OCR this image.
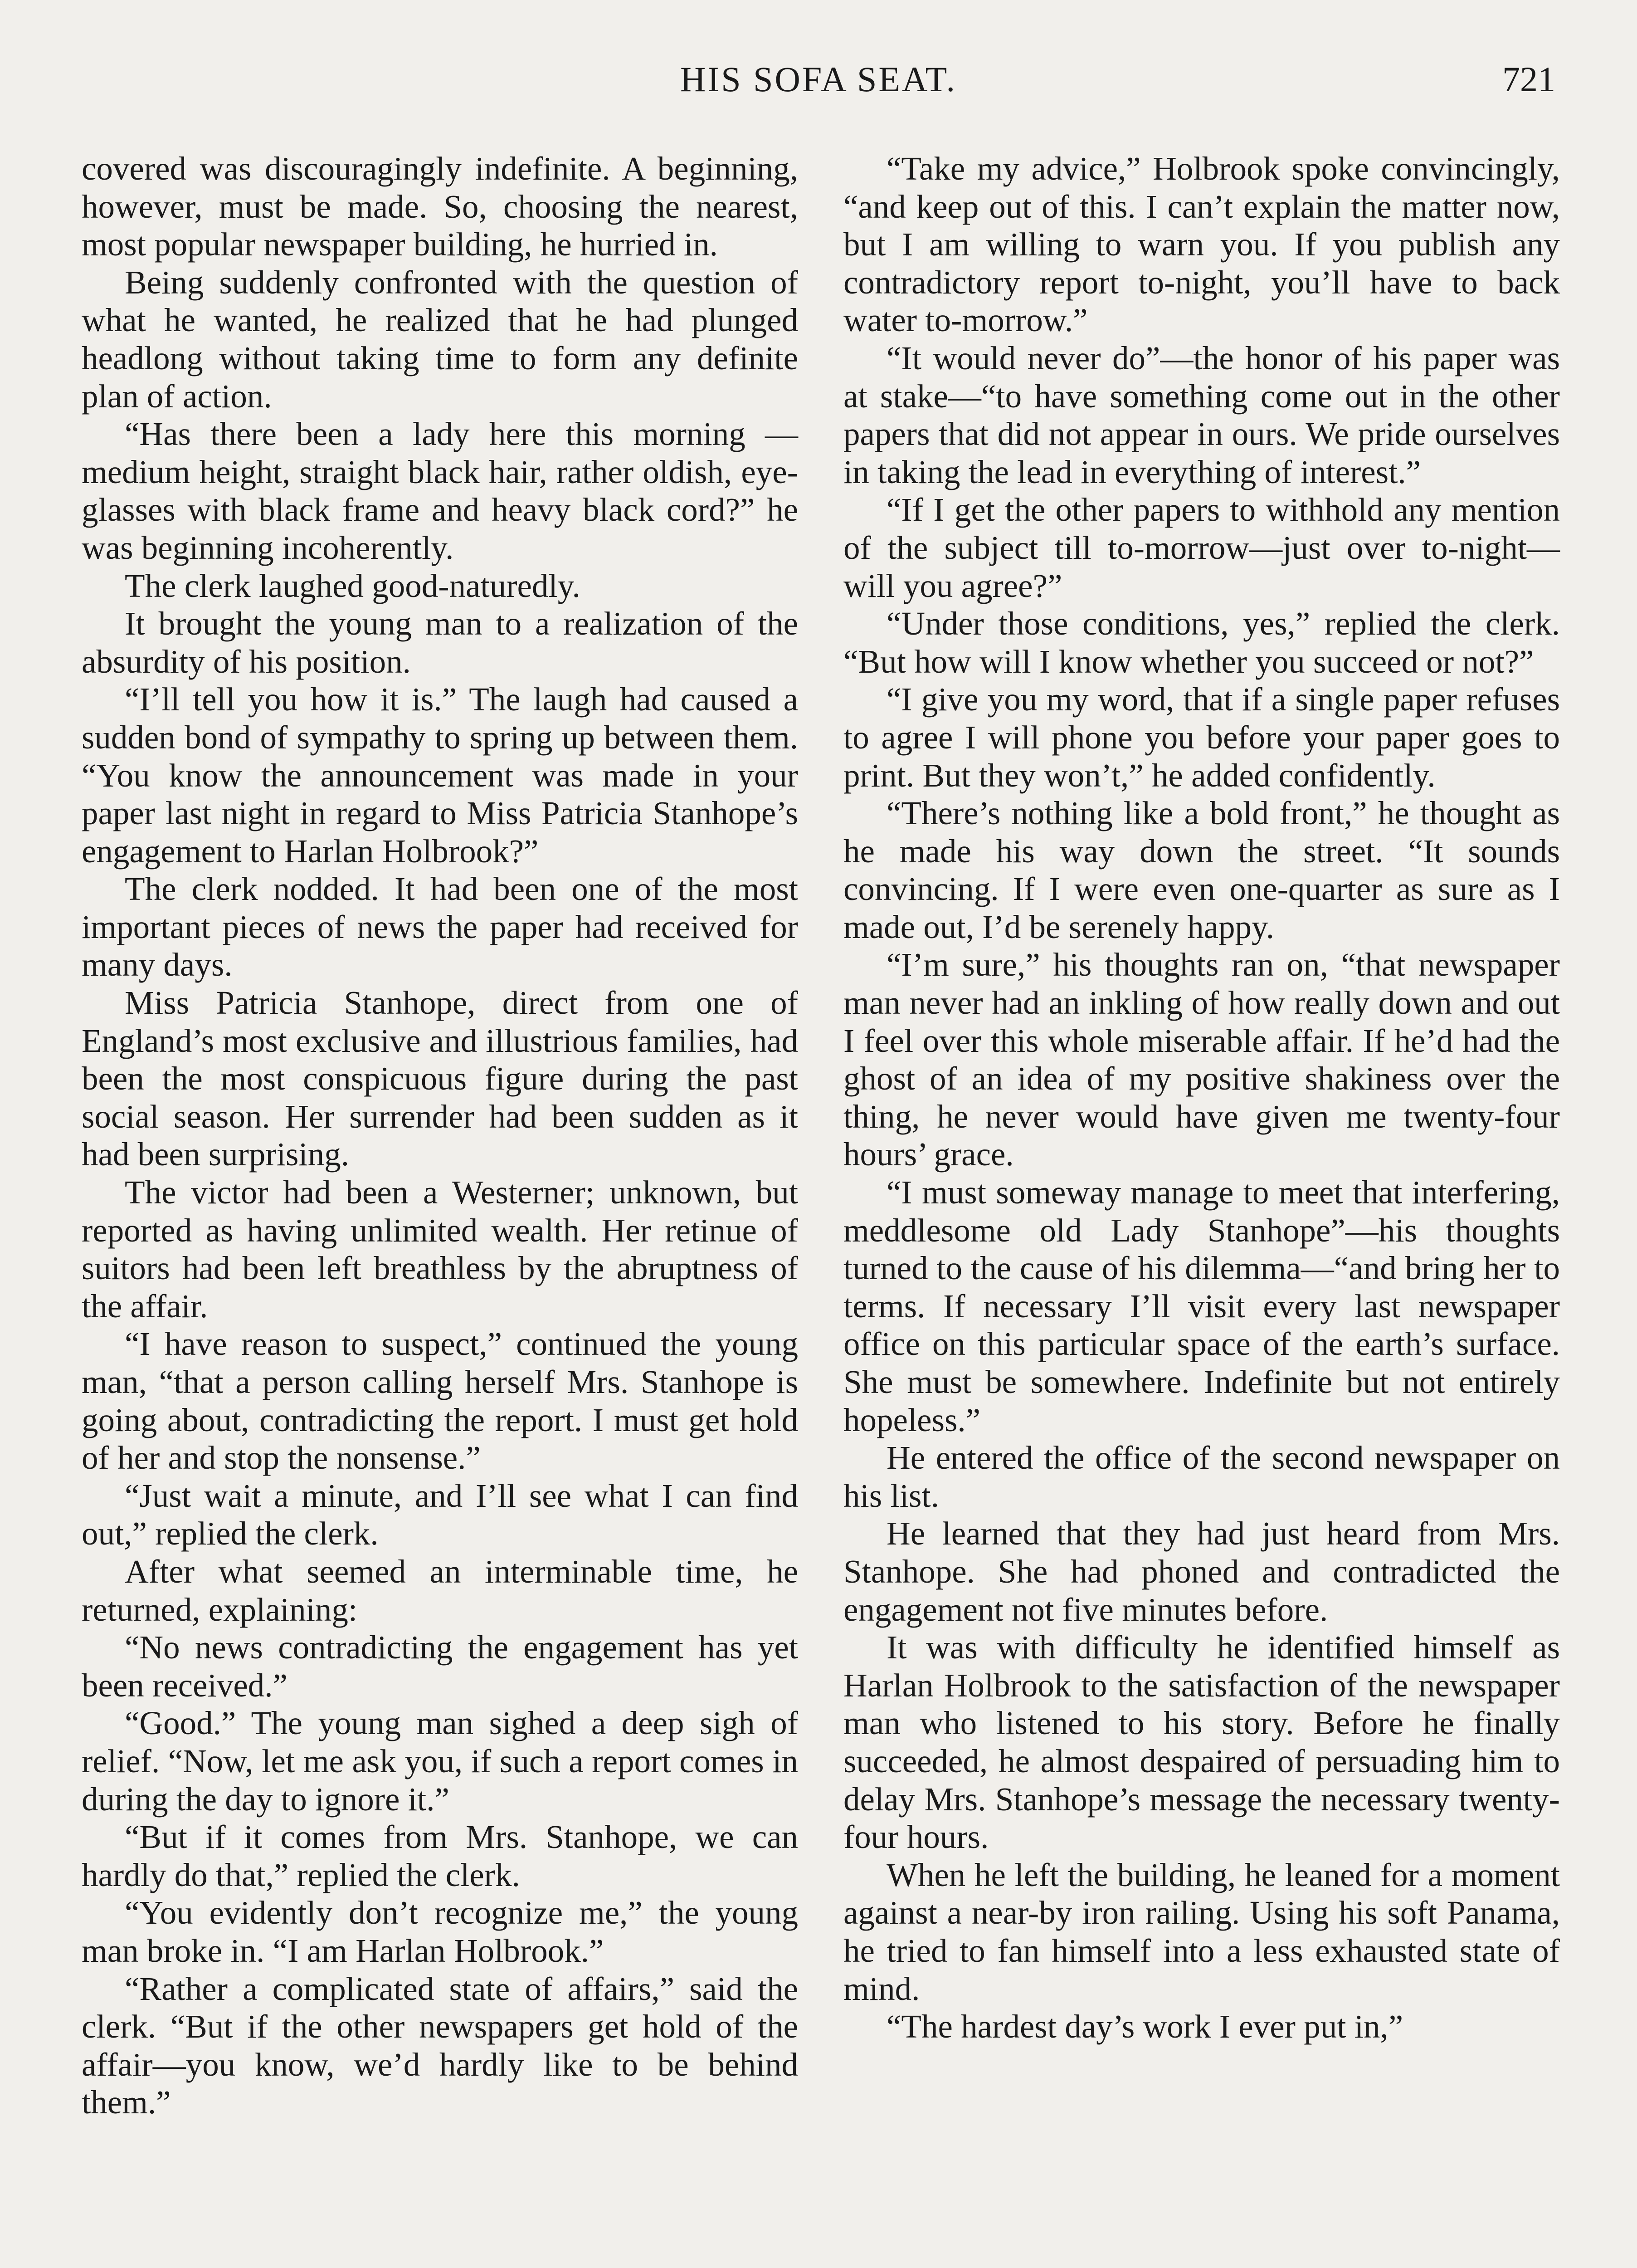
HIS SOFA SEAT.	721

covered was discouragingly indefinite. A beginning, however, must be made. So, choosing the nearest, most popular newspaper building, he hurried in.

Being suddenly confronted with the question of what he wanted, he realized that he had plunged headlong without taking time to form any definite plan of action.

“Has there been a lady here this morning —medium height, straight black hair, rather oldish, eye-glasses with black frame and heavy black cord?” he was beginning incoherently.

The clerk laughed good-naturedly.

It brought the young man to a realization of the absurdity of his position.

“I’ll tell you how it is.” The laugh had caused a sudden bond of sympathy to spring up between them. “You know the announcement was made in your paper last night in regard to Miss Patricia Stanhope’s engagement to Harlan Holbrook?”

The clerk nodded. It had been one of the most important pieces of news the paper had received for many days.

Miss Patricia Stanhope, direct from one of England’s most exclusive and illustrious families, had been the most conspicuous figure during the past social season. Her surrender had been sudden as it had been surprising.

The victor had been a Westerner; unknown, but reported as having unlimited wealth. Her retinue of suitors had been left breathless by the abruptness of the affair.

“I have reason to suspect,” continued the young man, “that a person calling herself Mrs. Stanhope is going about, contradicting the report. I must get hold of her and stop the nonsense.”

“Just wait a minute, and I’ll see what I can find out,” replied the clerk.

After what seemed an interminable time, he returned, explaining:

“No news contradicting the engagement has yet been received.”

“Good.” The young man sighed a deep sigh of relief. “Now, let me ask you, if such a report comes in during the day to ignore it.”

“But if it comes from Mrs. Stanhope, we can hardly do that,” replied the clerk.

“You evidently don’t recognize me,” the young man broke in. “I am Harlan Holbrook.”

“Rather a complicated state of affairs,” said the clerk. “But if the other newspapers get hold of the affair—you know, we’d hardly like to be behind them.”

“Take my advice,” Holbrook spoke convincingly, “and keep out of this. I can’t explain the matter now, but I am willing to warn you. If you publish any contradictory report to-night, you’ll have to back water to-morrow.”

“It would never do”—the honor of his paper was at stake—“to have something come out in the other papers that did not appear in ours. We pride ourselves in taking the lead in everything of interest.”

“If I get the other papers to withhold any mention of the subject till to-morrow—just over to-night—will you agree?”

“Under those conditions, yes,” replied the clerk. “But how will I know whether you succeed or not?”

“I give you my word, that if a single paper refuses to agree I will phone you before your paper goes to print. But they won’t,” he added confidently.

“There’s nothing like a bold front,” he thought as he made his way down the street. “It sounds convincing. If I were even one-quarter as sure as I made out, I’d be serenely happy.

“I’m sure,” his thoughts ran on, “that newspaper man never had an inkling of how really down and out I feel over this whole miserable affair. If he’d had the ghost of an idea of my positive shakiness over the thing, he never would have given me twenty-four hours’ grace.

“I must someway manage to meet that interfering, meddlesome old Lady Stanhope”—his thoughts turned to the cause of his dilemma—“and bring her to terms. If necessary I’ll visit every last newspaper office on this particular space of the earth’s surface. She must be somewhere. Indefinite but not entirely hopeless.”

He entered the office of the second newspaper on his list.

He learned that they had just heard from Mrs. Stanhope. She had phoned and contradicted the engagement not five minutes before.

It was with difficulty he identified himself as Harlan Holbrook to the satisfaction of the newspaper man who listened to his story. Before he finally succeeded, he almost despaired of persuading him to delay Mrs. Stanhope’s message the necessary twenty-four hours.

When he left the building, he leaned for a moment against a near-by iron railing. Using his soft Panama, he tried to fan himself into a less exhausted state of mind.

“The hardest day’s work I ever put in,”
